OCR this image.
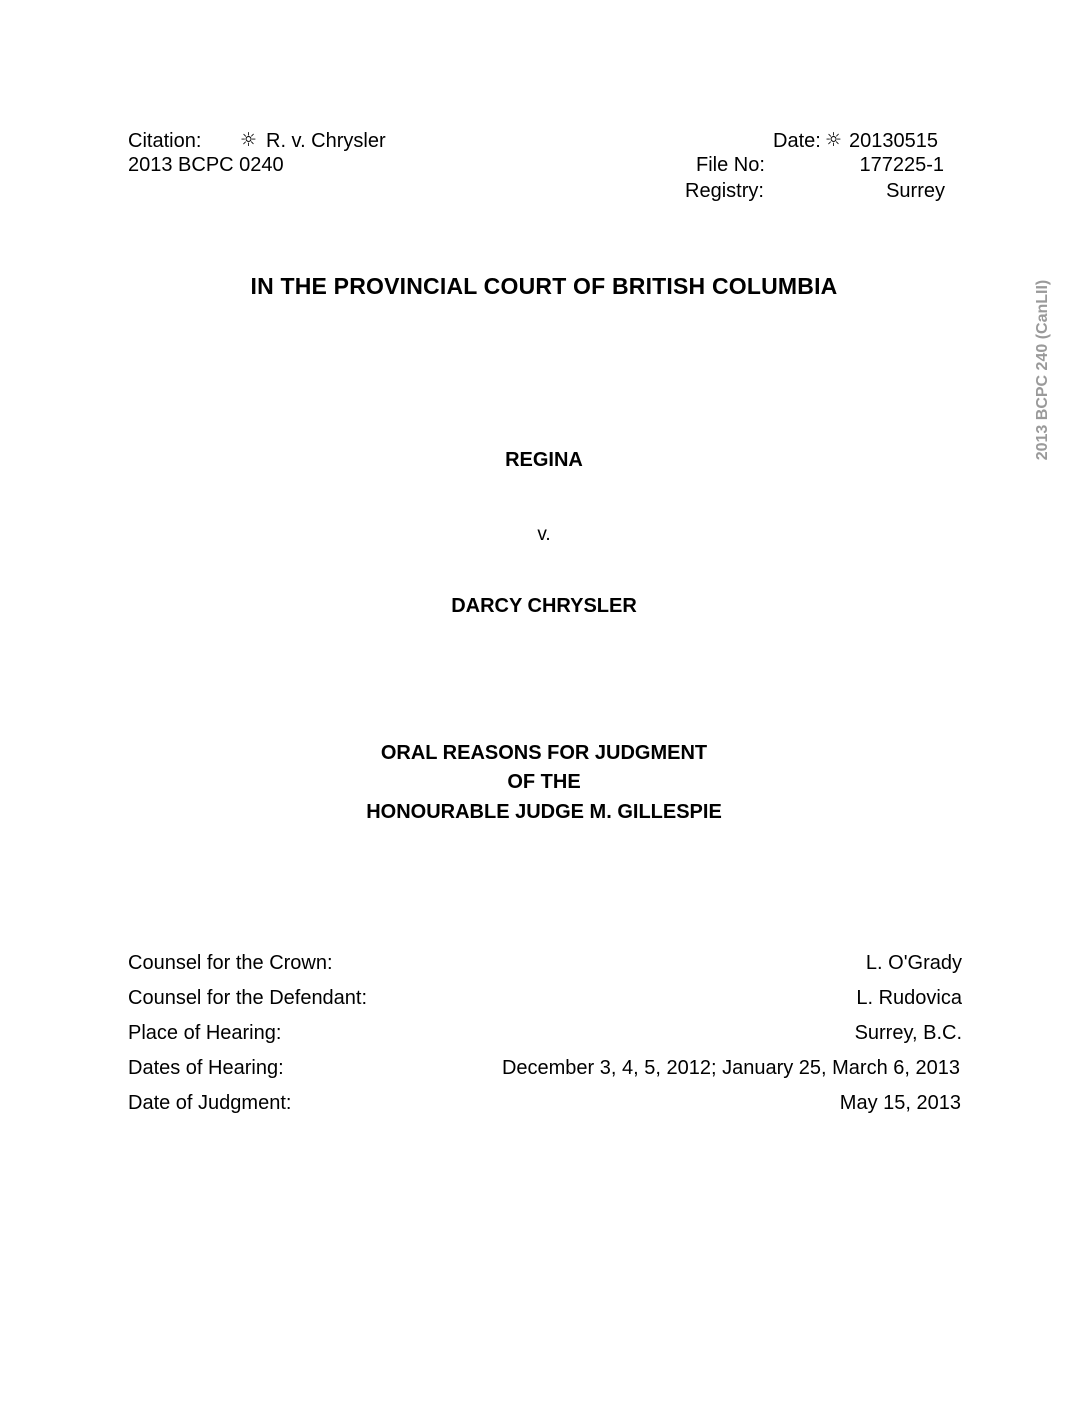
Citation: ☼ R. v. Chrysler
2013 BCPC 0240
Date: ☼ 20130515
File No:	177225-1
Registry:	Surrey
IN THE PROVINCIAL COURT OF BRITISH COLUMBIA
REGINA
v.
DARCY CHRYSLER
ORAL REASONS FOR JUDGMENT
OF THE
HONOURABLE JUDGE M. GILLESPIE
Counsel for the Crown:	L. O'Grady
Counsel for the Defendant:	L. Rudovica
Place of Hearing:	Surrey, B.C.
Dates of Hearing:	December 3, 4, 5, 2012; January 25, March 6, 2013
Date of Judgment:	May 15, 2013
2013 BCPC 240 (CanLII)
